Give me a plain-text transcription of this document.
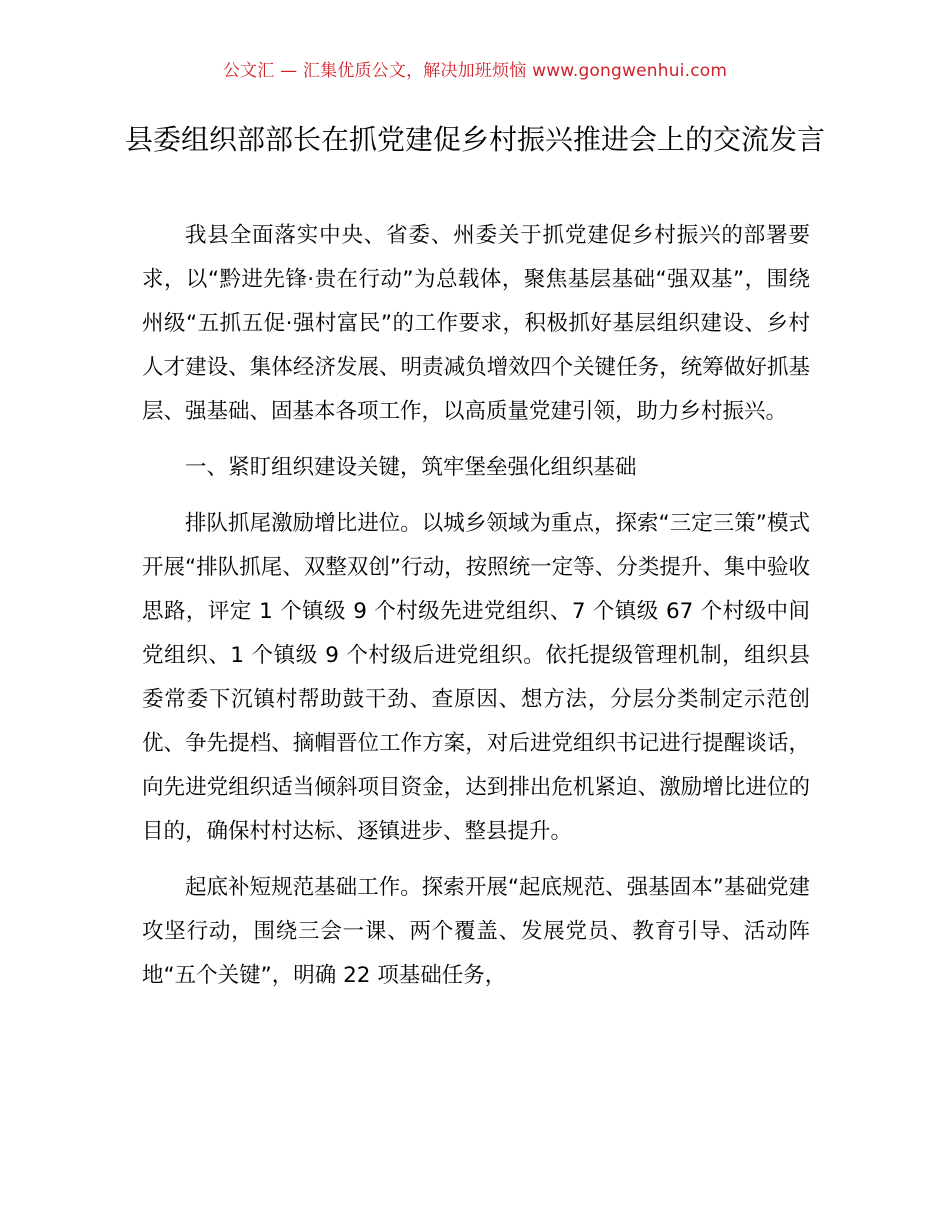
公文汇 — 汇集优质公文，解决加班烦恼 www.gongwenhui.com
县委组织部部长在抓党建促乡村振兴推进会上的交流发言

我县全面落实中央、省委、州委关于抓党建促乡村振兴的部署要求，以“黔进先锋·贵在行动”为总载体，聚焦基层基础“强双基”，围绕州级“五抓五促·强村富民”的工作要求，积极抓好基层组织建设、乡村人才建设、集体经济发展、明责减负增效四个关键任务，统筹做好抓基层、强基础、固基本各项工作，以高质量党建引领，助力乡村振兴。

一、紧盯组织建设关键，筑牢堡垒强化组织基础

排队抓尾激励增比进位。以城乡领域为重点，探索“三定三策”模式开展“排队抓尾、双整双创”行动，按照统一定等、分类提升、集中验收思路，评定 1 个镇级 9 个村级先进党组织、7 个镇级 67 个村级中间党组织、1 个镇级 9 个村级后进党组织。依托提级管理机制，组织县委常委下沉镇村帮助鼓干劲、查原因、想方法，分层分类制定示范创优、争先提档、摘帽晋位工作方案，对后进党组织书记进行提醒谈话，向先进党组织适当倾斜项目资金，达到排出危机紧迫、激励增比进位的目的，确保村村达标、逐镇进步、整县提升。

起底补短规范基础工作。探索开展“起底规范、强基固本”基础党建攻坚行动，围绕三会一课、两个覆盖、发展党员、教育引导、活动阵地“五个关键”，明确 22 项基础任务，
